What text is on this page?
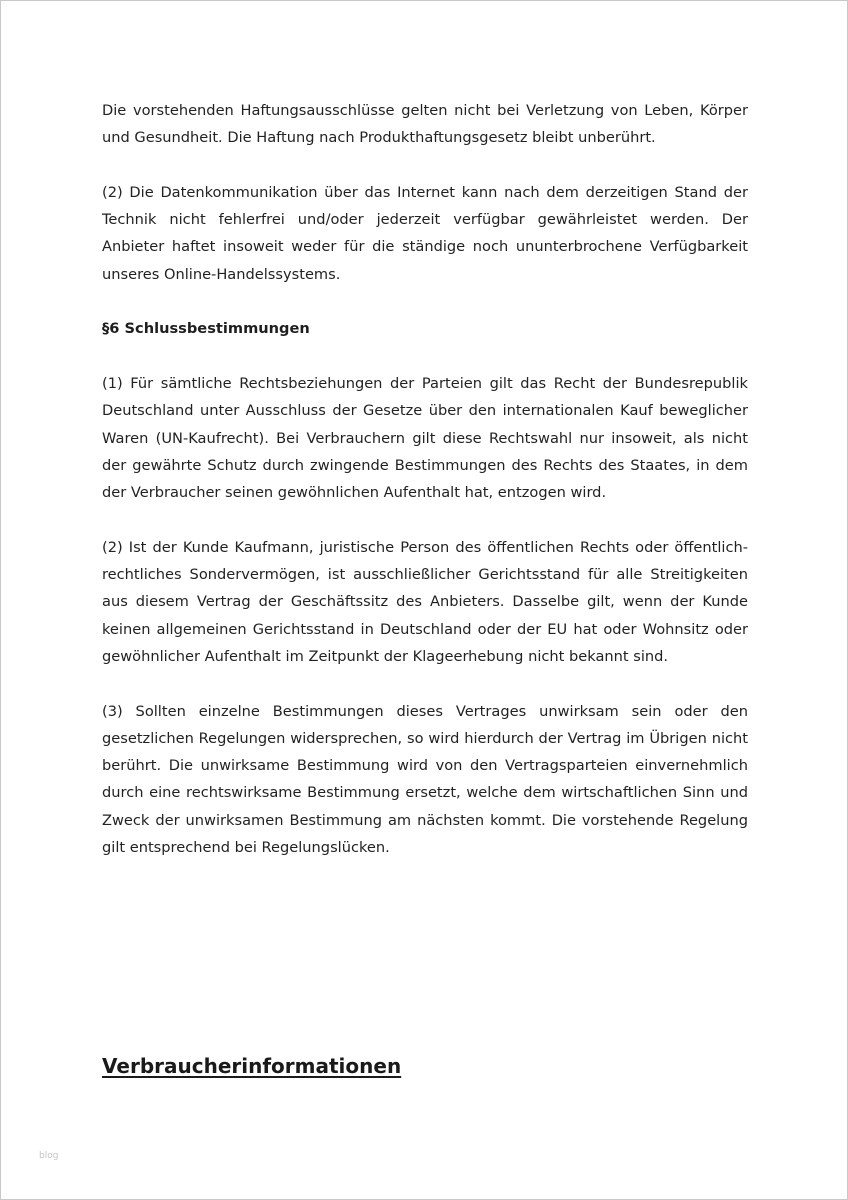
Die vorstehenden Haftungsausschlüsse gelten nicht bei Verletzung von Leben, Körper und Gesundheit. Die Haftung nach Produkthaftungsgesetz bleibt unberührt.

(2) Die Datenkommunikation über das Internet kann nach dem derzeitigen Stand der Technik nicht fehlerfrei und/oder jederzeit verfügbar gewährleistet werden. Der Anbieter haftet insoweit weder für die ständige noch ununterbrochene Verfügbarkeit unseres Online-Handelssystems.

§6 Schlussbestimmungen

(1) Für sämtliche Rechtsbeziehungen der Parteien gilt das Recht der Bundesrepublik Deutschland unter Ausschluss der Gesetze über den internationalen Kauf beweglicher Waren (UN-Kaufrecht). Bei Verbrauchern gilt diese Rechtswahl nur insoweit, als nicht der gewährte Schutz durch zwingende Bestimmungen des Rechts des Staates, in dem der Verbraucher seinen gewöhnlichen Aufenthalt hat, entzogen wird.

(2) Ist der Kunde Kaufmann, juristische Person des öffentlichen Rechts oder öffentlich-rechtliches Sondervermögen, ist ausschließlicher Gerichtsstand für alle Streitigkeiten aus diesem Vertrag der Geschäftssitz des Anbieters. Dasselbe gilt, wenn der Kunde keinen allgemeinen Gerichtsstand in Deutschland oder der EU hat oder Wohnsitz oder gewöhnlicher Aufenthalt im Zeitpunkt der Klageerhebung nicht bekannt sind.

(3) Sollten einzelne Bestimmungen dieses Vertrages unwirksam sein oder den gesetzlichen Regelungen widersprechen, so wird hierdurch der Vertrag im Übrigen nicht berührt. Die unwirksame Bestimmung wird von den Vertragsparteien einvernehmlich durch eine rechtswirksame Bestimmung ersetzt, welche dem wirtschaftlichen Sinn und Zweck der unwirksamen Bestimmung am nächsten kommt. Die vorstehende Regelung gilt entsprechend bei Regelungslücken.

Verbraucherinformationen

blog
